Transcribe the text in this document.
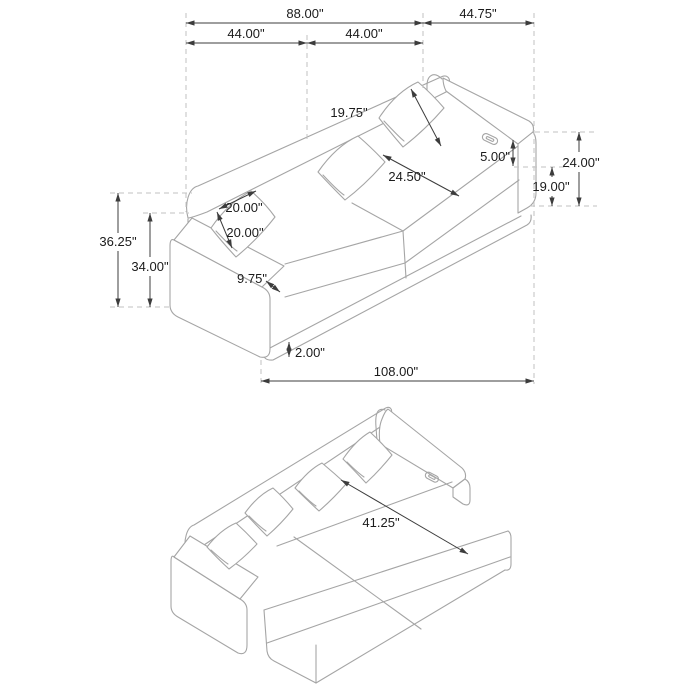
88.00"	44.75"
44.00"	44.00"
19.75"
24.50"
5.00"	24.00"
19.00"
36.25"
34.00"
20.00"
20.00"
9.75"
2.00"
108.00"
41.25"
